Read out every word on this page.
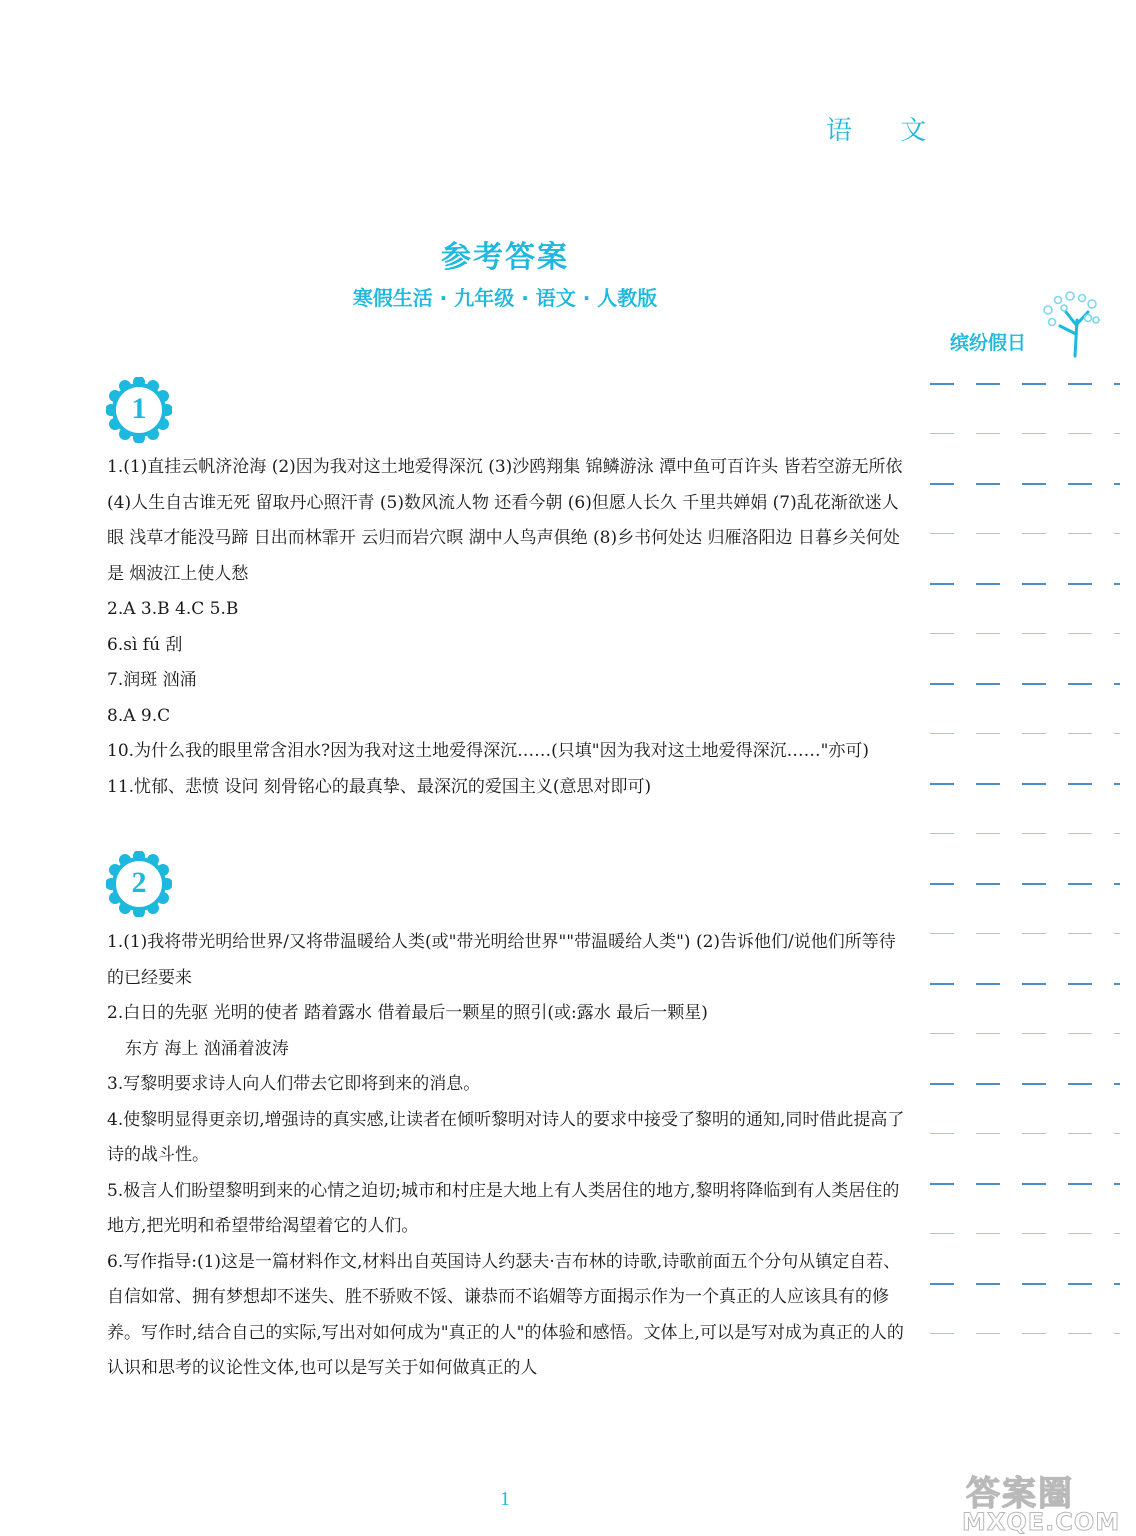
语 文
参考答案
寒假生活 · 九年级 · 语文 · 人教版
缤纷假日
1

1.(1)直挂云帆济沧海 (2)因为我对这土地爱得深沉 (3)沙鸥翔集 锦鳞游泳 潭中鱼可百许头 皆若空游无所依 (4)人生自古谁无死 留取丹心照汗青 (5)数风流人物 还看今朝 (6)但愿人长久 千里共婵娟 (7)乱花渐欲迷人眼 浅草才能没马蹄 日出而林霏开 云归而岩穴暝 湖中人鸟声俱绝 (8)乡书何处达 归雁洛阳边 日暮乡关何处是 烟波江上使人愁

2.A 3.B 4.C 5.B

6.sì fú 刮

7.润斑 汹涌

8.A 9.C

10.为什么我的眼里常含泪水?因为我对这土地爱得深沉……(只填"因为我对这土地爱得深沉……"亦可)

11.忧郁、悲愤 设问 刻骨铭心的最真挚、最深沉的爱国主义(意思对即可)

2

1.(1)我将带光明给世界/又将带温暖给人类(或"带光明给世界""带温暖给人类") (2)告诉他们/说他们所等待的已经要来

2.白日的先驱 光明的使者 踏着露水 借着最后一颗星的照引(或:露水 最后一颗星)

东方 海上 汹涌着波涛

3.写黎明要求诗人向人们带去它即将到来的消息。

4.使黎明显得更亲切,增强诗的真实感,让读者在倾听黎明对诗人的要求中接受了黎明的通知,同时借此提高了诗的战斗性。

5.极言人们盼望黎明到来的心情之迫切;城市和村庄是大地上有人类居住的地方,黎明将降临到有人类居住的地方,把光明和希望带给渴望着它的人们。

6.写作指导:(1)这是一篇材料作文,材料出自英国诗人约瑟夫·吉布林的诗歌,诗歌前面五个分句从镇定自若、自信如常、拥有梦想却不迷失、胜不骄败不馁、谦恭而不谄媚等方面揭示作为一个真正的人应该具有的修养。写作时,结合自己的实际,写出对如何成为"真正的人"的体验和感悟。文体上,可以是写对成为真正的人的认识和思考的议论性文体,也可以是写关于如何做真正的人

1	答案圈
MXQE.COM
